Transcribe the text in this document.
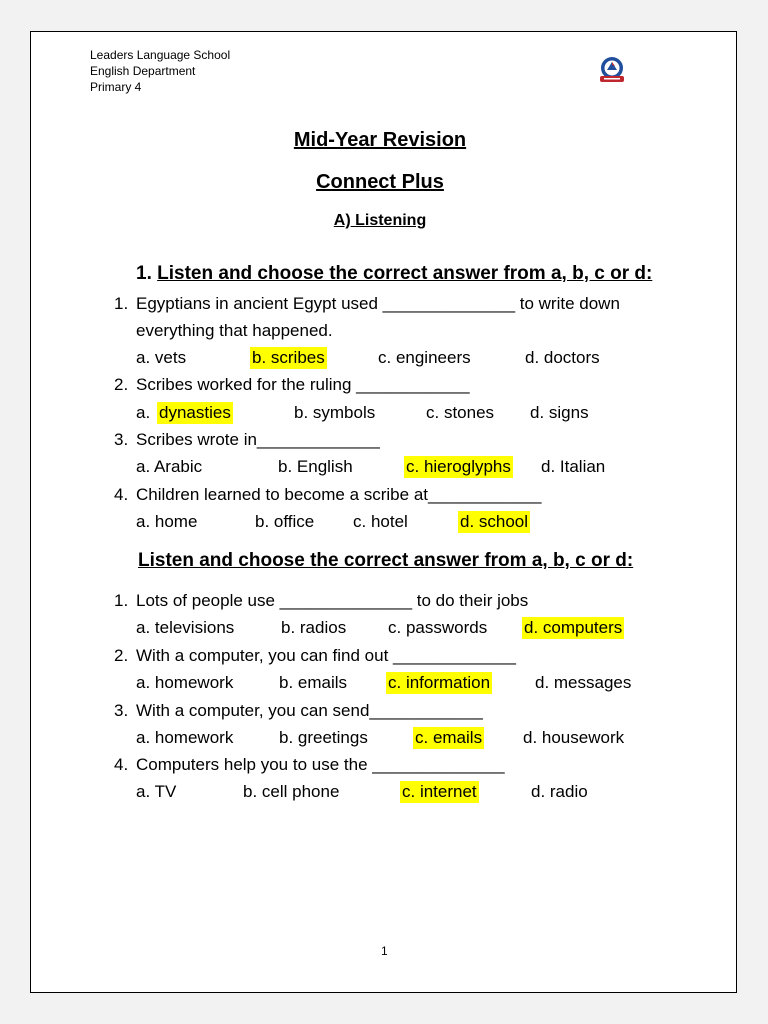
Leaders Language School
English Department
Primary 4
Mid-Year Revision
Connect Plus
A) Listening
1. Listen and choose the correct answer from a, b, c or d:
1. Egyptians in ancient Egypt used ______________ to write down
everything that happened.
a. vets	b. scribes	c. engineers	d. doctors
2. Scribes worked for the ruling ____________
a. dynasties	b. symbols	c. stones d. signs
3. Scribes wrote in_____________
a. Arabic	b. English	c. hieroglyphs d. Italian
4. Children learned to become a scribe at____________
a. home	b. office c. hotel	d. school
Listen and choose the correct answer from a, b, c or d:
1. Lots of people use ______________ to do their jobs
a. televisions	b. radios c. passwords d. computers
2. With a computer, you can find out _____________
a. homework	b. emails c. information	d. messages
3. With a computer, you can send____________
a. homework	b. greetings	c. emails d. housework
4. Computers help you to use the ______________
a. TV	b. cell phone	c. internet	d. radio
1
